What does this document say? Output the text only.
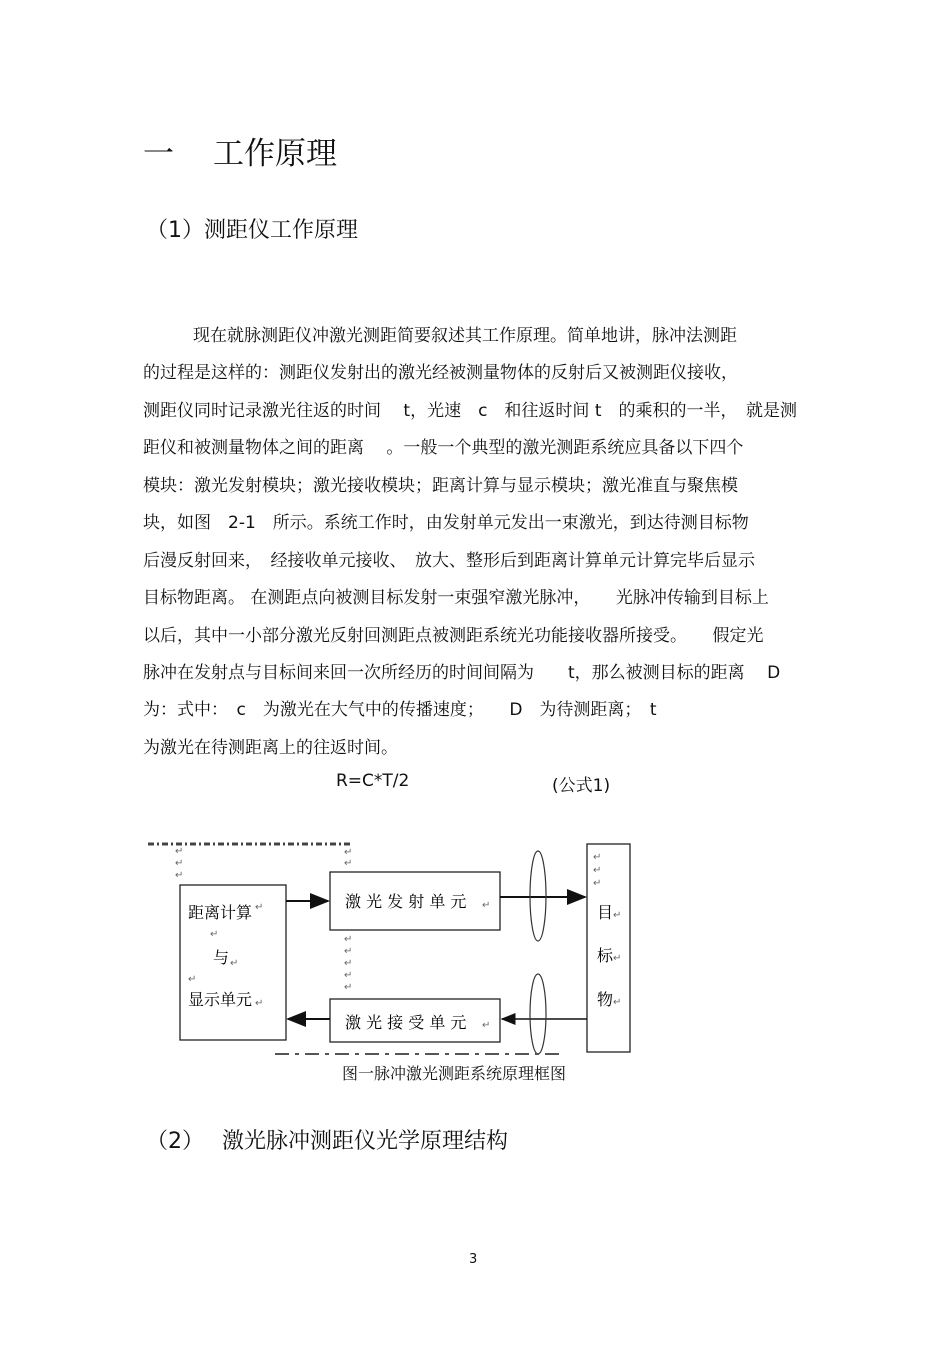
一 工作原理
（1）测距仪工作原理
现在就脉测距仪冲激光测距简要叙述其工作原理。简单地讲，脉冲法测距
的过程是这样的：测距仪发射出的激光经被测量物体的反射后又被测距仪接收，
测距仪同时记录激光往返的时间　 t，光速　c　和往返时间 t　的乘积的一半，　就是测
距仪和被测量物体之间的距离　 。一般一个典型的激光测距系统应具备以下四个
模块：激光发射模块；激光接收模块；距离计算与显示模块；激光准直与聚焦模
块，如图　2-1　所示。系统工作时，由发射单元发出一束激光，到达待测目标物
后漫反射回来，　经接收单元接收、　放大、整形后到距离计算单元计算完毕后显示
目标物距离。 在测距点向被测目标发射一束强窄激光脉冲，　　光脉冲传输到目标上
以后，其中一小部分激光反射回测距点被测距系统光功能接收器所接受。　　假定光
脉冲在发射点与目标间来回一次所经历的时间间隔为　　t，那么被测目标的距离　 D
为：式中：　c　为激光在大气中的传播速度；　　D　为待测距离；　t
为激光在待测距离上的往返时间。
R=C*T/2	(公式1)
距离计算
与
显示单元
激 光 发 射 单 元
激 光 接 受 单 元
目
标
物
↵
↵
↵
↵
↵
↵
↵
↵
↵
↵
↵
↵
↵
↵
↵
↵
↵
↵
↵
↵
↵
↵
↵
图一脉冲激光测距系统原理框图
（2） 激光脉冲测距仪光学原理结构
3
